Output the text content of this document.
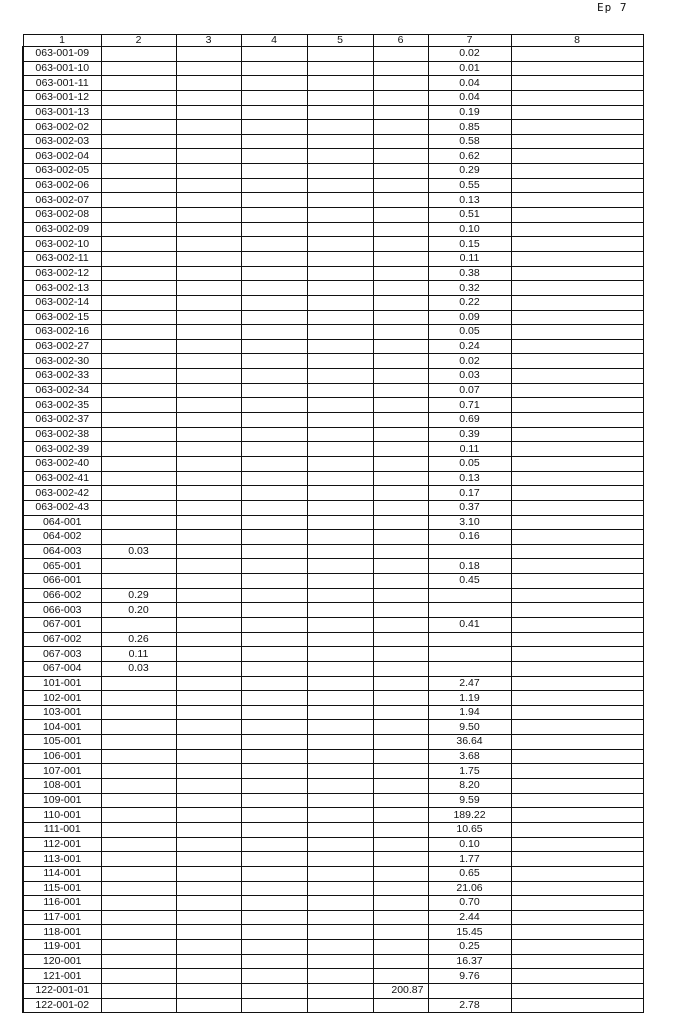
Ep 7
1	2	3	4	5	6	7	8
063-001-09						0.02	
063-001-10						0.01	
063-001-11						0.04	
063-001-12						0.04	
063-001-13						0.19	
063-002-02						0.85	
063-002-03						0.58	
063-002-04						0.62	
063-002-05						0.29	
063-002-06						0.55	
063-002-07						0.13	
063-002-08						0.51	
063-002-09						0.10	
063-002-10						0.15	
063-002-11						0.11	
063-002-12						0.38	
063-002-13						0.32	
063-002-14						0.22	
063-002-15						0.09	
063-002-16						0.05	
063-002-27						0.24	
063-002-30						0.02	
063-002-33						0.03	
063-002-34						0.07	
063-002-35						0.71	
063-002-37						0.69	
063-002-38						0.39	
063-002-39						0.11	
063-002-40						0.05	
063-002-41						0.13	
063-002-42						0.17	
063-002-43						0.37	
064-001						3.10	
064-002						0.16	
064-003	0.03						
065-001						0.18	
066-001						0.45	
066-002	0.29						
066-003	0.20						
067-001						0.41	
067-002	0.26						
067-003	0.11						
067-004	0.03						
101-001						2.47	
102-001						1.19	
103-001						1.94	
104-001						9.50	
105-001						36.64	
106-001						3.68	
107-001						1.75	
108-001						8.20	
109-001						9.59	
110-001						189.22	
111-001						10.65	
112-001						0.10	
113-001						1.77	
114-001						0.65	
115-001						21.06	
116-001						0.70	
117-001						2.44	
118-001						15.45	
119-001						0.25	
120-001						16.37	
121-001						9.76	
122-001-01					200.87		
122-001-02						2.78	
